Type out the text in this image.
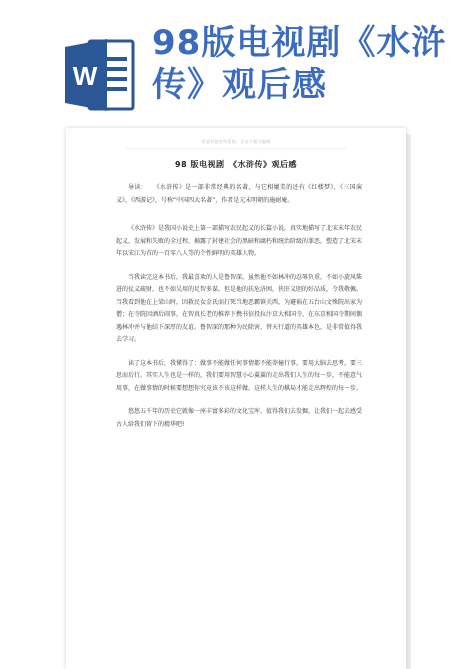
W
98版电视剧《水浒传》观后感
希望对您有所帮助，点击下载可编辑
98 版电视剧　《水浒传》观后感

导读：　　《水浒传》是一部非常经典的名著，与它相媲美的还有《红楼梦》，《三国演义》，《西游记》，号称“中国四大名著”，作者是元末明朝的施耐庵。

《水浒传》是我国小说史上第一部描写农民起义的长篇小说，真实地描写了北宋末年农民起义，发展和失败的全过程，揭露了封建社会的黑暗和腐朽和统治阶级的罪恶，塑造了北宋末年以宋江为首的一百零八人等的个性鲜明的英雄人物。

当我读完这本书后，我最喜欢的人是鲁智深。虽然他不如林冲的忍辱负重，不如小旋风柴进的仗义疏财，也不如吴用的足智多谋，但是他的扶危济困，侠肝义胆的好品质，令我敬佩。当我看到他在上梁山时，因救民女金氏而打死当地恶霸镇关西，为避祸在五台山文殊院出家为僧；在寺院因酒后闹事，在智真长老的推荐下携书信投拉汴京大相国寺，在东京相国寺期间偶遇林冲并与他结下深厚的友谊。鲁智深的那种为民除害，替天行道的英雄本色，是非常值得我去学习。

读了这本书后，我懂得了：做事不能做任何事情都不能莽撞行事，要用大脑去思考，要三思而后行。其实人生也是一样的，我们要用智慧小心翼翼的走出我们人生的每一步，不能意气用事，在做事情的时候要想想你究竟该不该这样做。这样人生的棋局才能走出辉煌的每一步。

悠悠五千年的历史它就像一座丰富多彩的文化宝库，值得我们去发掘，让我们一起去感受古人给我们留下的精华吧!
